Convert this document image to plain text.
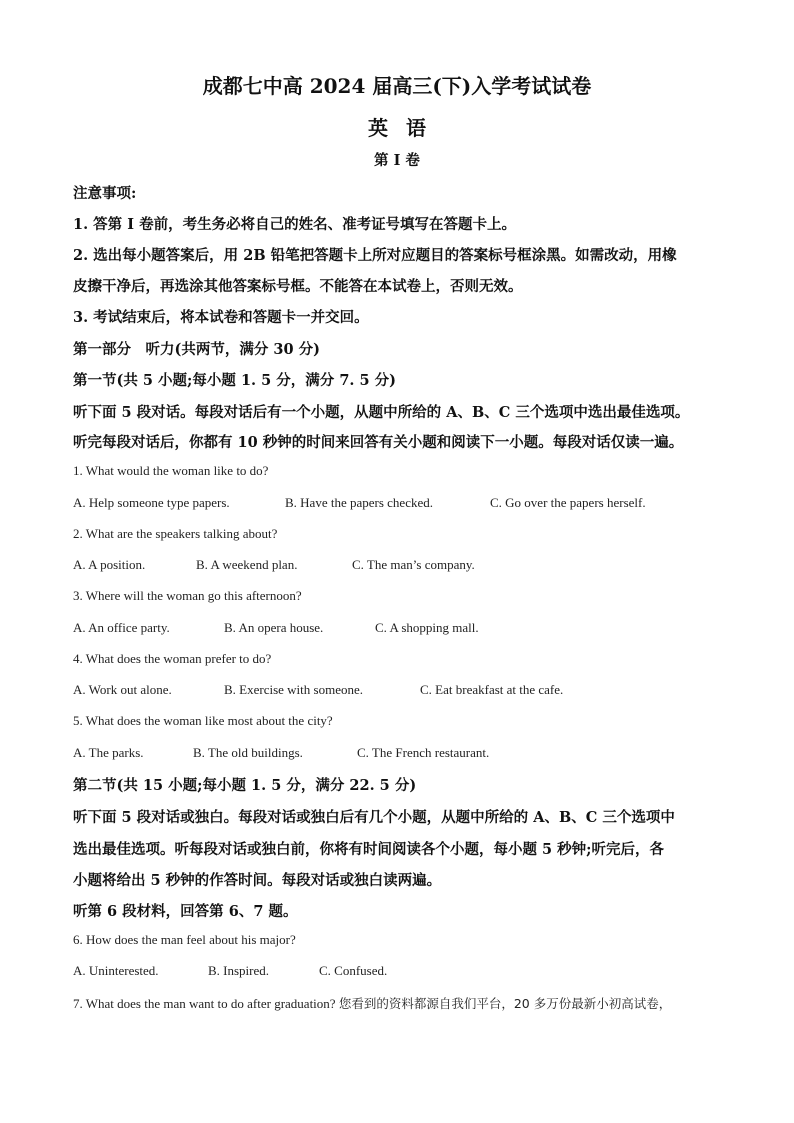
成都七中高 2024 届高三(下)入学考试试卷
英语
第 I 卷
注意事项:
1. 答第 I 卷前，考生务必将自己的姓名、准考证号填写在答题卡上。
2. 选出每小题答案后，用 2B 铅笔把答题卡上所对应题目的答案标号框涂黑。如需改动，用橡
皮擦干净后，再选涂其他答案标号框。不能答在本试卷上，否则无效。
3. 考试结束后，将本试卷和答题卡一并交回。
第一部分　听力(共两节，满分 30 分)
第一节(共 5 小题;每小题 1. 5 分，满分 7. 5 分)
听下面 5 段对话。每段对话后有一个小题，从题中所给的 A、B、C 三个选项中选出最佳选项。
听完每段对话后，你都有 10 秒钟的时间来回答有关小题和阅读下一小题。每段对话仅读一遍。
1. What would the woman like to do?
A. Help someone type papers.	B. Have the papers checked.	C. Go over the papers herself.
2. What are the speakers talking about?
A. A position.	B. A weekend plan.	C. The man’s company.
3. Where will the woman go this afternoon?
A. An office party.	B. An opera house.	C. A shopping mall.
4. What does the woman prefer to do?
A. Work out alone.	B. Exercise with someone.	C. Eat breakfast at the cafe.
5. What does the woman like most about the city?
A. The parks.	B. The old buildings.	C. The French restaurant.
第二节(共 15 小题;每小题 1. 5 分，满分 22. 5 分)
听下面 5 段对话或独白。每段对话或独白后有几个小题，从题中所给的 A、B、C 三个选项中
选出最佳选项。听每段对话或独白前，你将有时间阅读各个小题，每小题 5 秒钟;听完后，各
小题将给出 5 秒钟的作答时间。每段对话或独白读两遍。
听第 6 段材料，回答第 6、7 题。
6. How does the man feel about his major?
A. Uninterested.	B. Inspired.	C. Confused.
7. What does the man want to do after graduation? 您看到的资料都源自我们平台，20 多万份最新小初高试卷，
